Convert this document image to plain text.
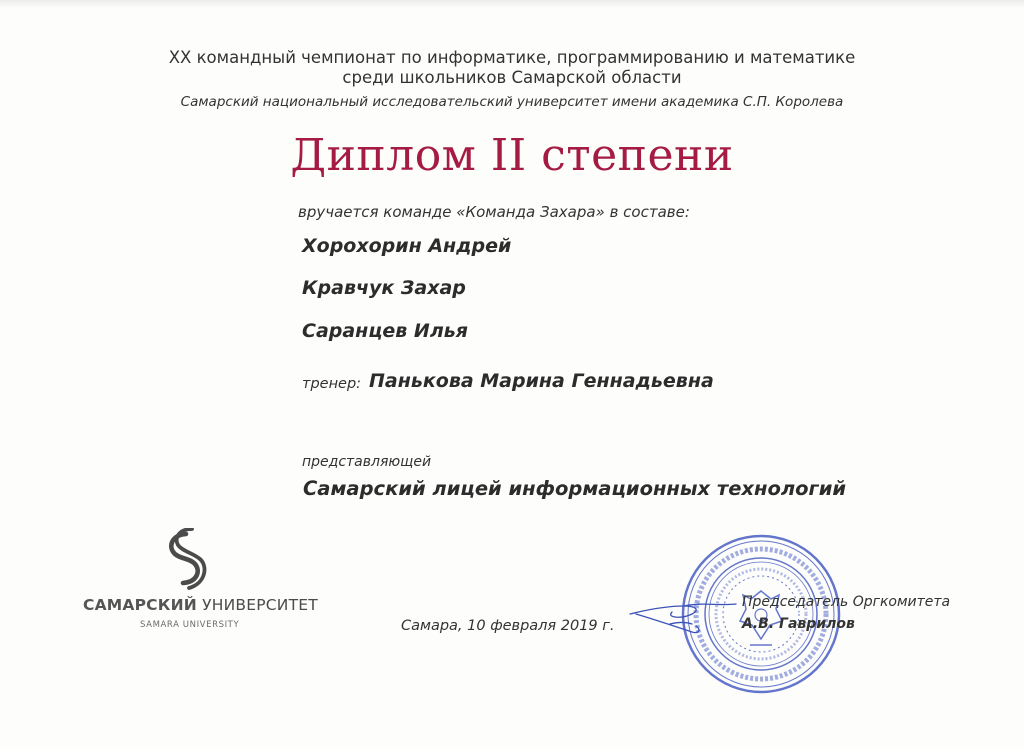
XX командный чемпионат по информатике, программированию и математике
среди школьников Самарской области
Самарский национальный исследовательский университет имени академика С.П. Королева
Диплом II степени
вручается команде «Команда Захара» в составе:
Хорохорин Андрей
Кравчук Захар
Саранцев Илья
тренер: Панькова Марина Геннадьевна
представляющей
Самарский лицей информационных технологий
САМАРСКИЙ УНИВЕРСИТЕТ
SAMARA UNIVERSITY	Самара, 10 февраля 2019 г.
Председатель Оргкомитета
А.В. Гаврилов
